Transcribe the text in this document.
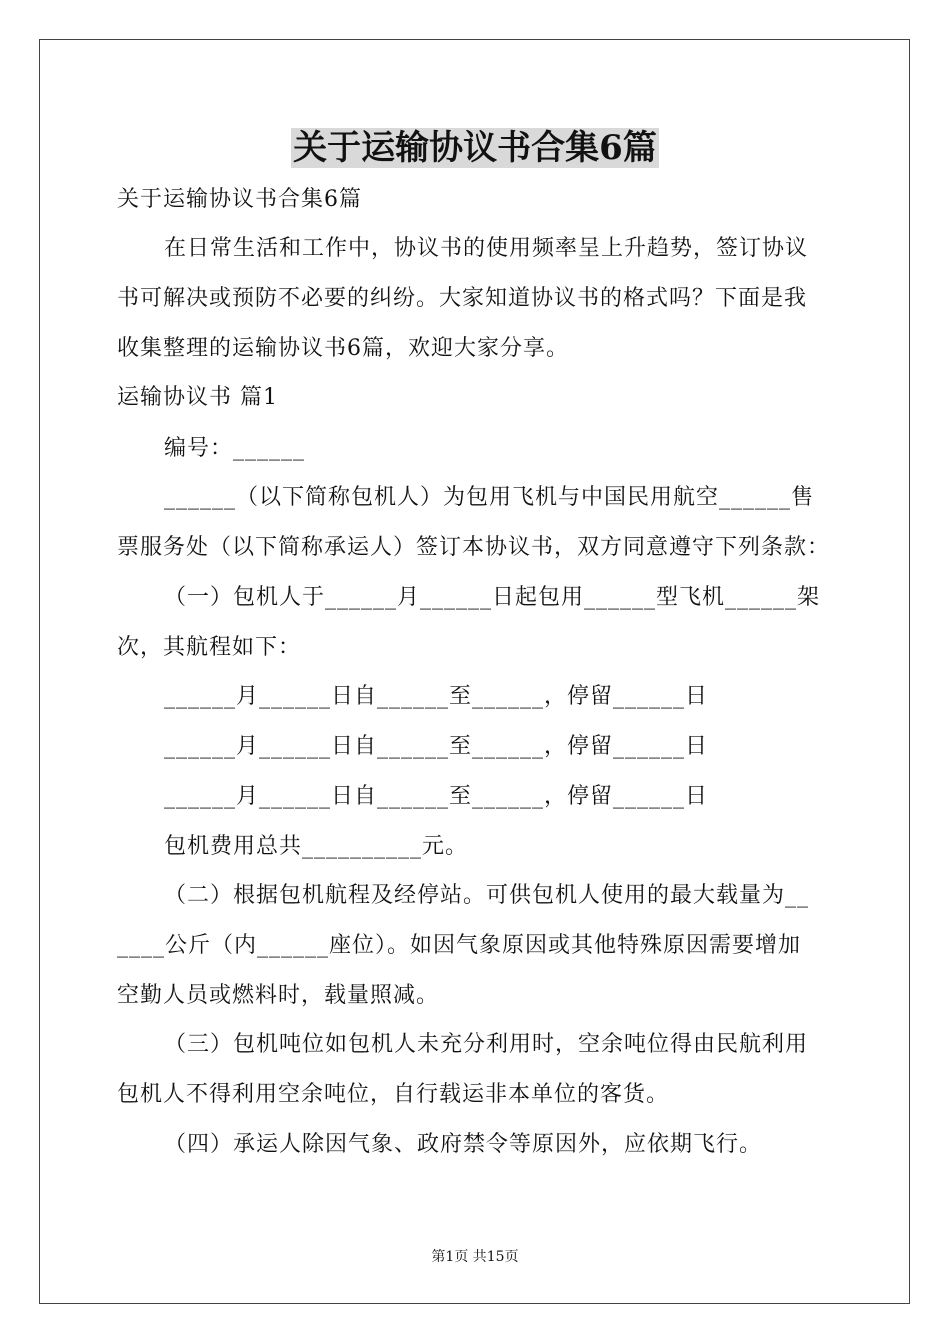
关于运输协议书合集6篇
关于运输协议书合集6篇
在日常生活和工作中，协议书的使用频率呈上升趋势，签订协议
书可解决或预防不必要的纠纷。大家知道协议书的格式吗？下面是我
收集整理的运输协议书6篇，欢迎大家分享。
运输协议书 篇1
编号：______
______（以下简称包机人）为包用飞机与中国民用航空______售
票服务处（以下简称承运人）签订本协议书，双方同意遵守下列条款：
（一）包机人于______月______日起包用______型飞机______架
次，其航程如下：
______月______日自______至______，停留______日
______月______日自______至______，停留______日
______月______日自______至______，停留______日
包机费用总共__________元。
（二）根据包机航程及经停站。可供包机人使用的最大载量为__
____公斤（内______座位）。如因气象原因或其他特殊原因需要增加
空勤人员或燃料时，载量照减。
（三）包机吨位如包机人未充分利用时，空余吨位得由民航利用
包机人不得利用空余吨位，自行载运非本单位的客货。
（四）承运人除因气象、政府禁令等原因外，应依期飞行。
第1页 共15页
